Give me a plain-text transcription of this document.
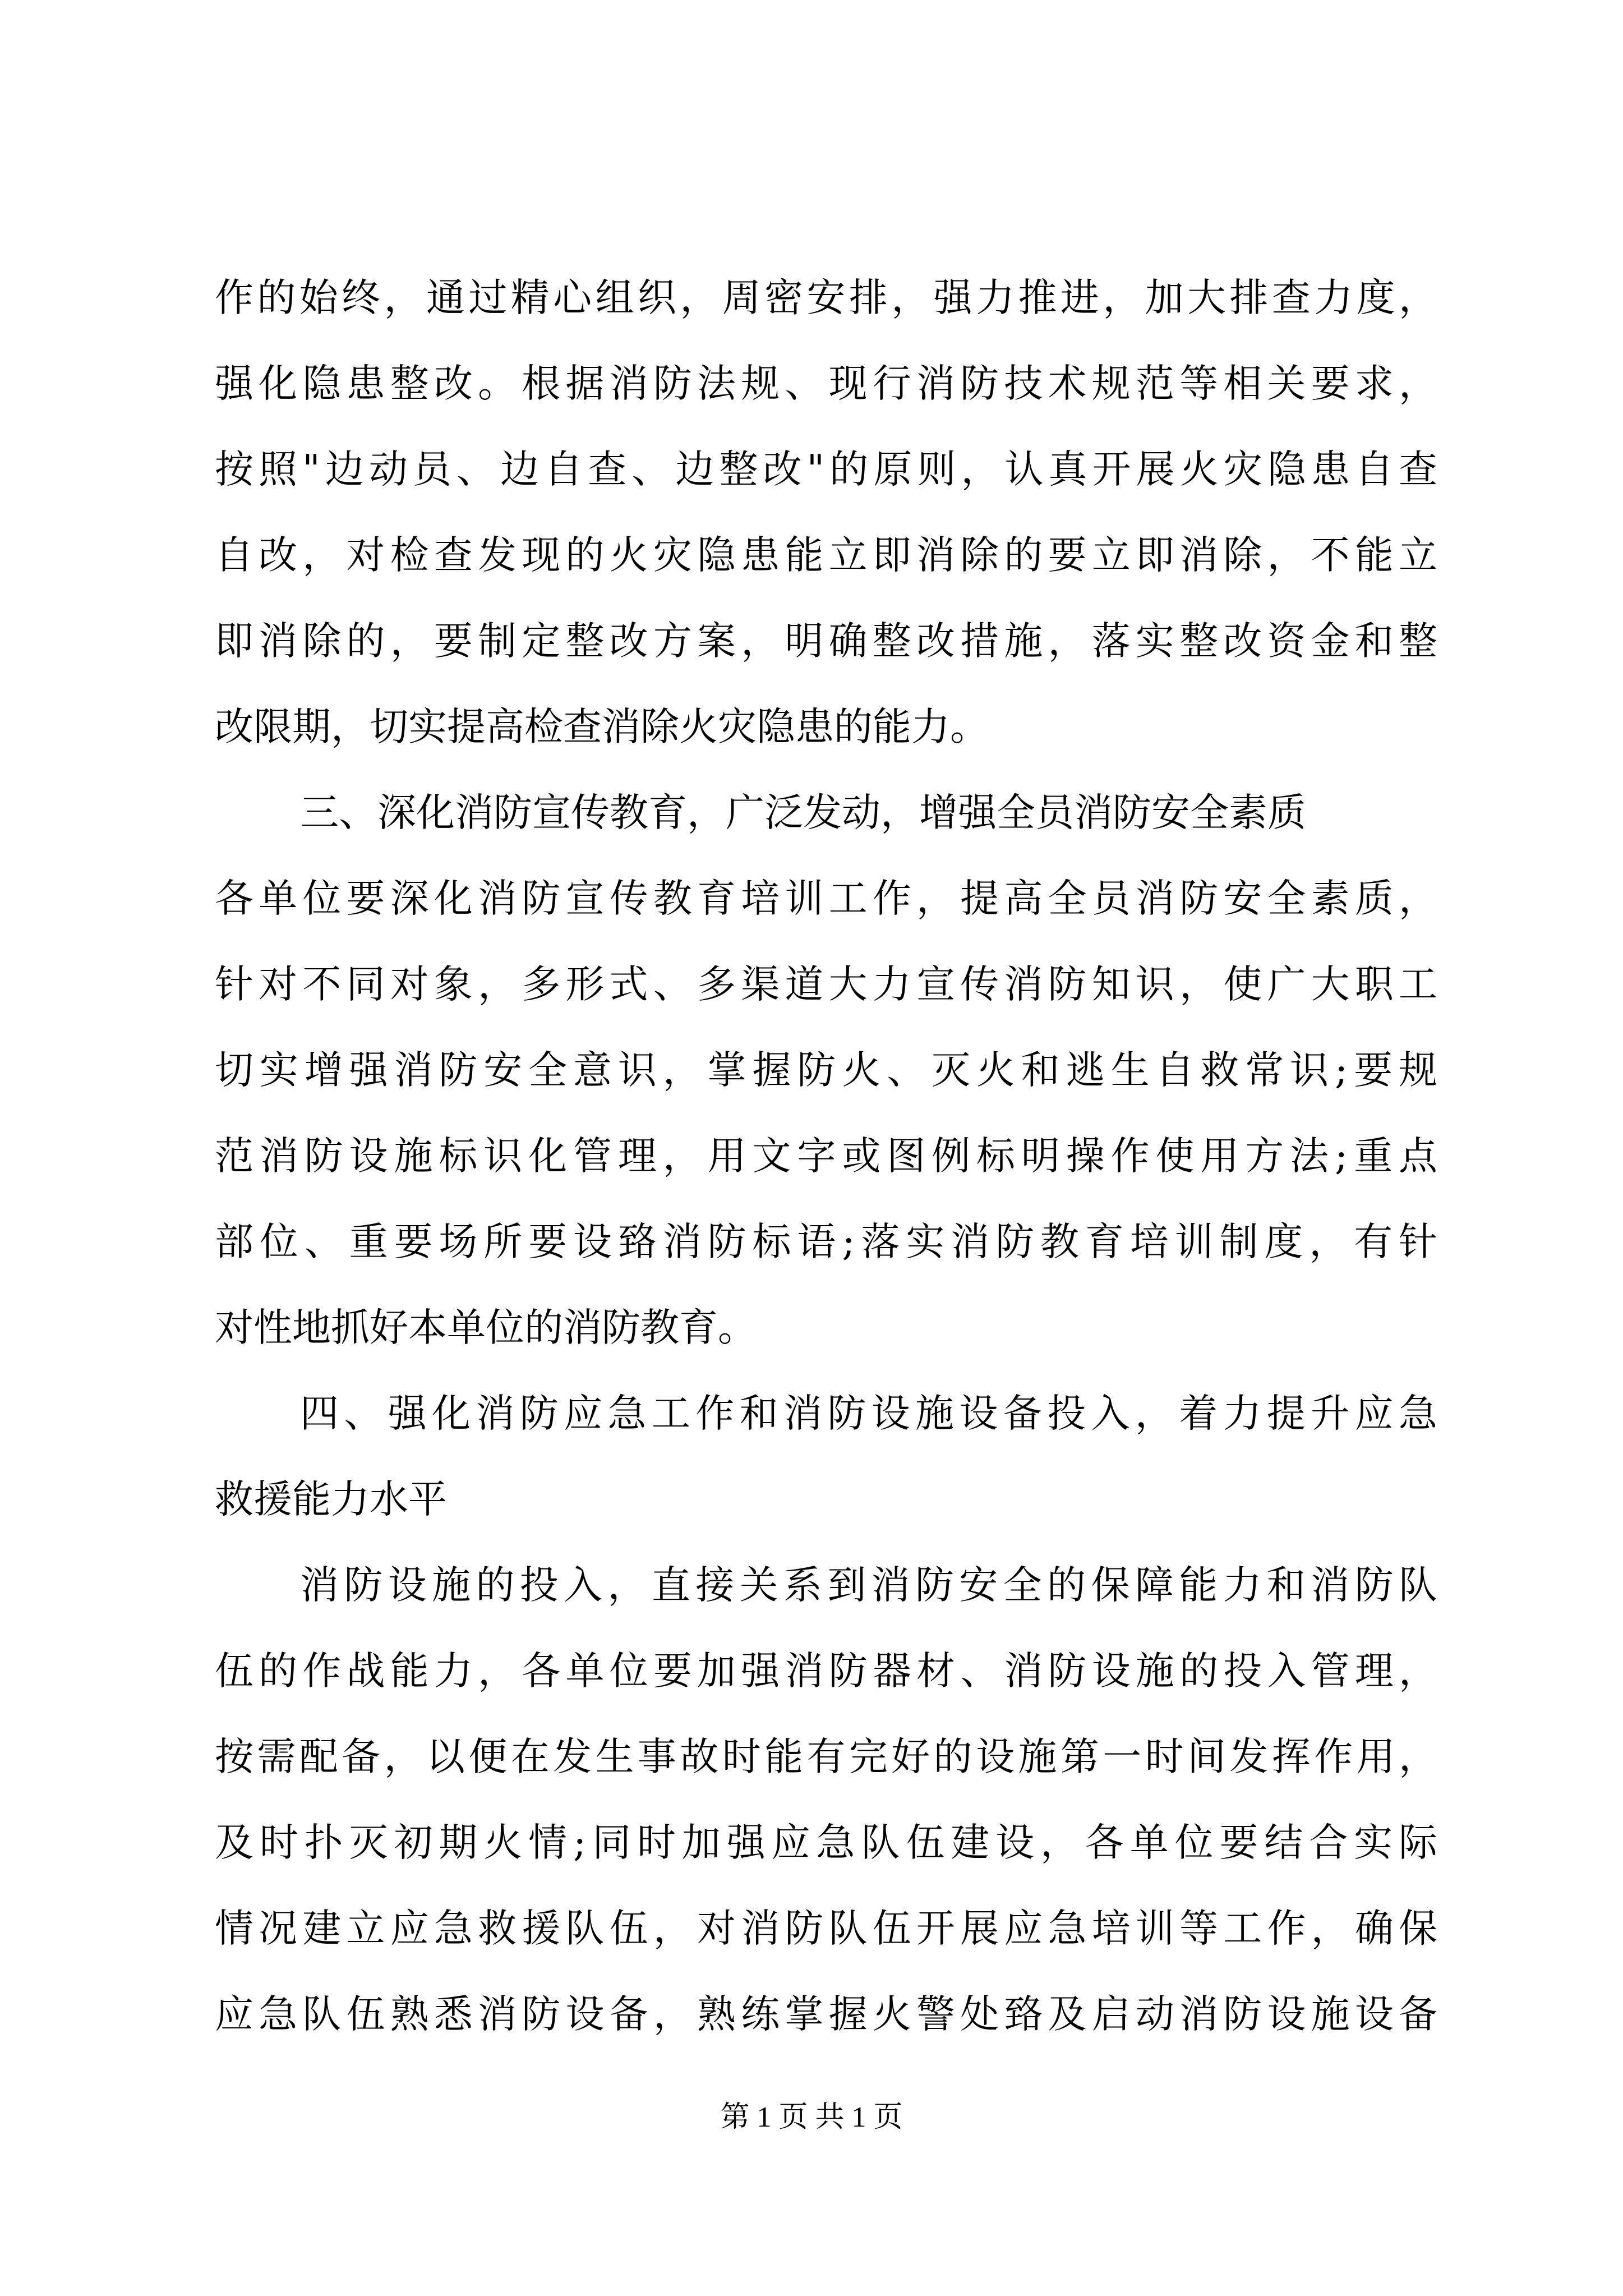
作的始终，通过精心组织，周密安排，强力推进，加大排查力度，
强化隐患整改。根据消防法规、现行消防技术规范等相关要求，
按照"边动员、边自查、边整改"的原则，认真开展火灾隐患自查
自改，对检查发现的火灾隐患能立即消除的要立即消除，不能立
即消除的，要制定整改方案，明确整改措施，落实整改资金和整
改限期，切实提高检查消除火灾隐患的能力。
三、深化消防宣传教育，广泛发动，增强全员消防安全素质
各单位要深化消防宣传教育培训工作，提高全员消防安全素质，
针对不同对象，多形式、多渠道大力宣传消防知识，使广大职工
切实增强消防安全意识，掌握防火、灭火和逃生自救常识;要规
范消防设施标识化管理，用文字或图例标明操作使用方法;重点
部位、重要场所要设臵消防标语;落实消防教育培训制度，有针
对性地抓好本单位的消防教育。
四、强化消防应急工作和消防设施设备投入，着力提升应急
救援能力水平
消防设施的投入，直接关系到消防安全的保障能力和消防队
伍的作战能力，各单位要加强消防器材、消防设施的投入管理，
按需配备，以便在发生事故时能有完好的设施第一时间发挥作用，
及时扑灭初期火情;同时加强应急队伍建设，各单位要结合实际
情况建立应急救援队伍，对消防队伍开展应急培训等工作，确保
应急队伍熟悉消防设备，熟练掌握火警处臵及启动消防设施设备
第 1 页 共 1 页
